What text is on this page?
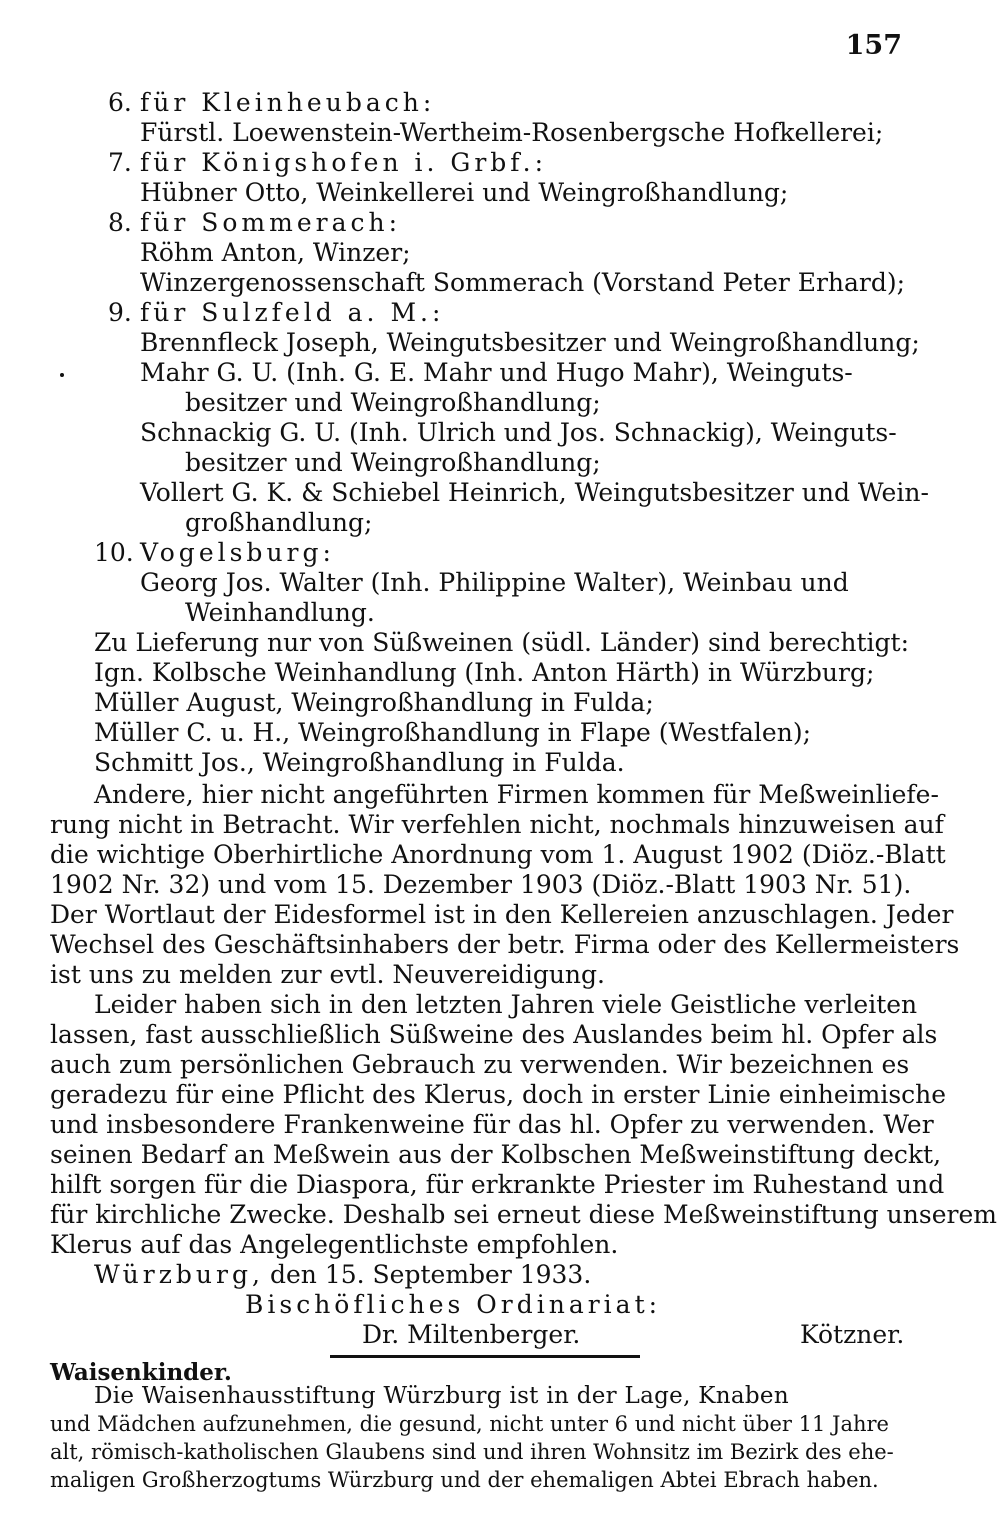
157
6. für Kleinheubach:
Fürstl. Loewenstein-Wertheim-Rosenbergsche Hofkellerei;
7. für Königshofen i. Grbf.:
Hübner Otto, Weinkellerei und Weingroßhandlung;
8. für Sommerach:
Röhm Anton, Winzer;
Winzergenossenschaft Sommerach (Vorstand Peter Erhard);
9. für Sulzfeld a. M.:
Brennfleck Joseph, Weingutsbesitzer und Weingroßhandlung;
Mahr G. U. (Inh. G. E. Mahr und Hugo Mahr), Weinguts-
besitzer und Weingroßhandlung;
Schnackig G. U. (Inh. Ulrich und Jos. Schnackig), Weinguts-
besitzer und Weingroßhandlung;
Vollert G. K. & Schiebel Heinrich, Weingutsbesitzer und Wein-
großhandlung;
10. Vogelsburg:
Georg Jos. Walter (Inh. Philippine Walter), Weinbau und
Weinhandlung.
Zu Lieferung nur von Süßweinen (südl. Länder) sind berechtigt:
Ign. Kolbsche Weinhandlung (Inh. Anton Härth) in Würzburg;
Müller August, Weingroßhandlung in Fulda;
Müller C. u. H., Weingroßhandlung in Flape (Westfalen);
Schmitt Jos., Weingroßhandlung in Fulda.
Andere, hier nicht angeführten Firmen kommen für Meßweinliefe-
rung nicht in Betracht. Wir verfehlen nicht, nochmals hinzuweisen auf
die wichtige Oberhirtliche Anordnung vom 1. August 1902 (Diöz.-Blatt
1902 Nr. 32) und vom 15. Dezember 1903 (Diöz.-Blatt 1903 Nr. 51).
Der Wortlaut der Eidesformel ist in den Kellereien anzuschlagen. Jeder
Wechsel des Geschäftsinhabers der betr. Firma oder des Kellermeisters
ist uns zu melden zur evtl. Neuvereidigung.
Leider haben sich in den letzten Jahren viele Geistliche verleiten
lassen, fast ausschließlich Süßweine des Auslandes beim hl. Opfer als
auch zum persönlichen Gebrauch zu verwenden. Wir bezeichnen es
geradezu für eine Pflicht des Klerus, doch in erster Linie einheimische
und insbesondere Frankenweine für das hl. Opfer zu verwenden. Wer
seinen Bedarf an Meßwein aus der Kolbschen Meßweinstiftung deckt,
hilft sorgen für die Diaspora, für erkrankte Priester im Ruhestand und
für kirchliche Zwecke. Deshalb sei erneut diese Meßweinstiftung unserem
Klerus auf das Angelegentlichste empfohlen.
Würzburg, den 15. September 1933.
Bischöfliches Ordinariat:
Dr. Miltenberger.	Kötzner.
Waisenkinder.
Die Waisenhausstiftung Würzburg ist in der Lage, Knaben
und Mädchen aufzunehmen, die gesund, nicht unter 6 und nicht über 11 Jahre
alt, römisch-katholischen Glaubens sind und ihren Wohnsitz im Bezirk des ehe-
maligen Großherzogtums Würzburg und der ehemaligen Abtei Ebrach haben.
